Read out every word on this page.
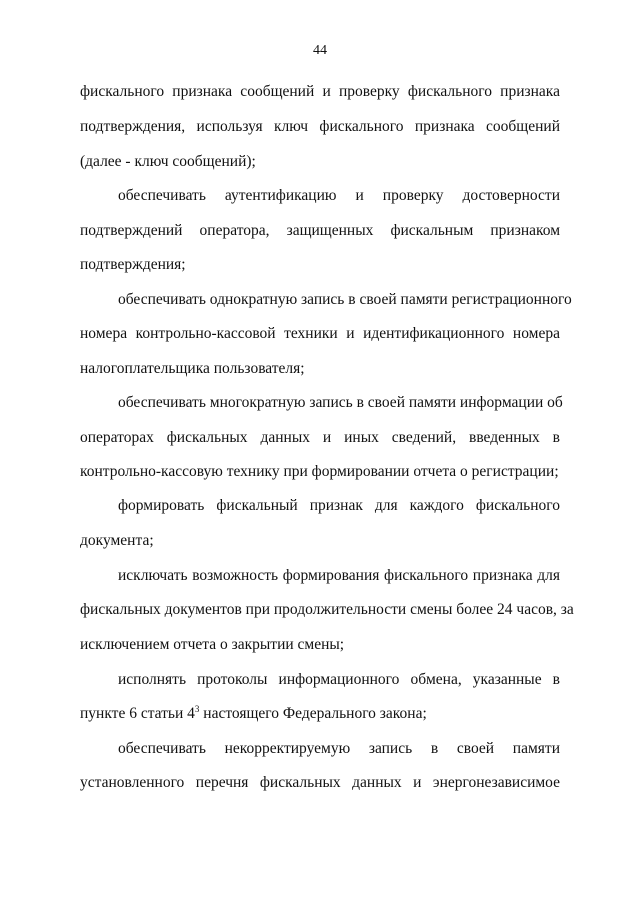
44
фискального признака сообщений и проверку фискального признака
подтверждения, используя ключ фискального признака сообщений
(далее - ключ сообщений);
обеспечивать аутентификацию и проверку достоверности
подтверждений оператора, защищенных фискальным признаком
подтверждения;
обеспечивать однократную запись в своей памяти регистрационного
номера контрольно-кассовой техники и идентификационного номера
налогоплательщика пользователя;
обеспечивать многократную запись в своей памяти информации об
операторах фискальных данных и иных сведений, введенных в
контрольно-кассовую технику при формировании отчета о регистрации;
формировать фискальный признак для каждого фискального
документа;
исключать возможность формирования фискального признака для
фискальных документов при продолжительности смены более 24 часов, за
исключением отчета о закрытии смены;
исполнять протоколы информационного обмена, указанные в
пункте 6 статьи $4^3$ настоящего Федерального закона;
обеспечивать некорректируемую запись в своей памяти
установленного перечня фискальных данных и энергонезависимое
